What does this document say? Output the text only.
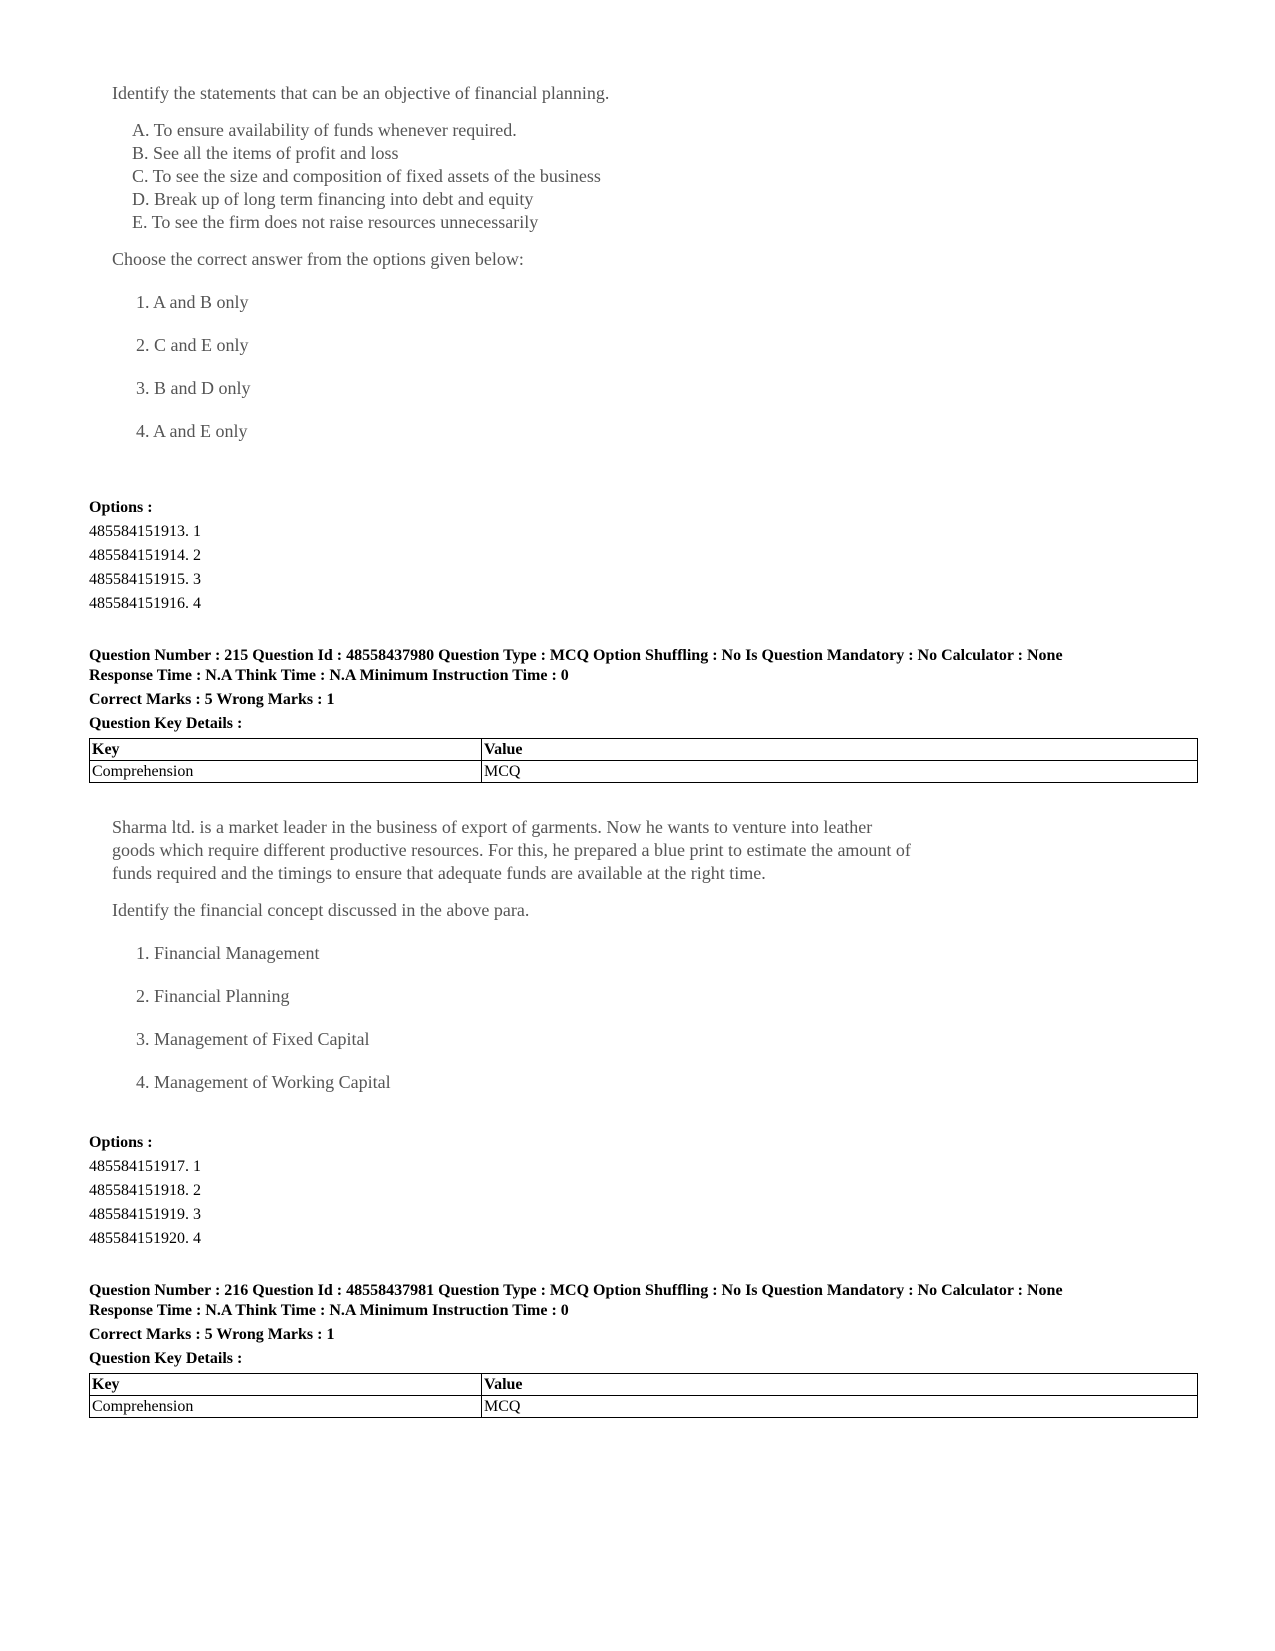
Identify the statements that can be an objective of financial planning.
A. To ensure availability of funds whenever required.
B. See all the items of profit and loss
C. To see the size and composition of fixed assets of the business
D. Break up of long term financing into debt and equity
E. To see the firm does not raise resources unnecessarily
Choose the correct answer from the options given below:
1. A and B only
2. C and E only
3. B and D only
4. A and E only
Options :
485584151913. 1
485584151914. 2
485584151915. 3
485584151916. 4
Question Number : 215 Question Id : 48558437980 Question Type : MCQ Option Shuffling : No Is Question Mandatory : No Calculator : None
Response Time : N.A Think Time : N.A Minimum Instruction Time : 0
Correct Marks : 5 Wrong Marks : 1
Question Key Details :
Key	Value
Comprehension	MCQ
Sharma ltd. is a market leader in the business of export of garments. Now he wants to venture into leather
goods which require different productive resources. For this, he prepared a blue print to estimate the amount of
funds required and the timings to ensure that adequate funds are available at the right time.
Identify the financial concept discussed in the above para.
1. Financial Management
2. Financial Planning
3. Management of Fixed Capital
4. Management of Working Capital
Options :
485584151917. 1
485584151918. 2
485584151919. 3
485584151920. 4
Question Number : 216 Question Id : 48558437981 Question Type : MCQ Option Shuffling : No Is Question Mandatory : No Calculator : None
Response Time : N.A Think Time : N.A Minimum Instruction Time : 0
Correct Marks : 5 Wrong Marks : 1
Question Key Details :
Key	Value
Comprehension	MCQ
